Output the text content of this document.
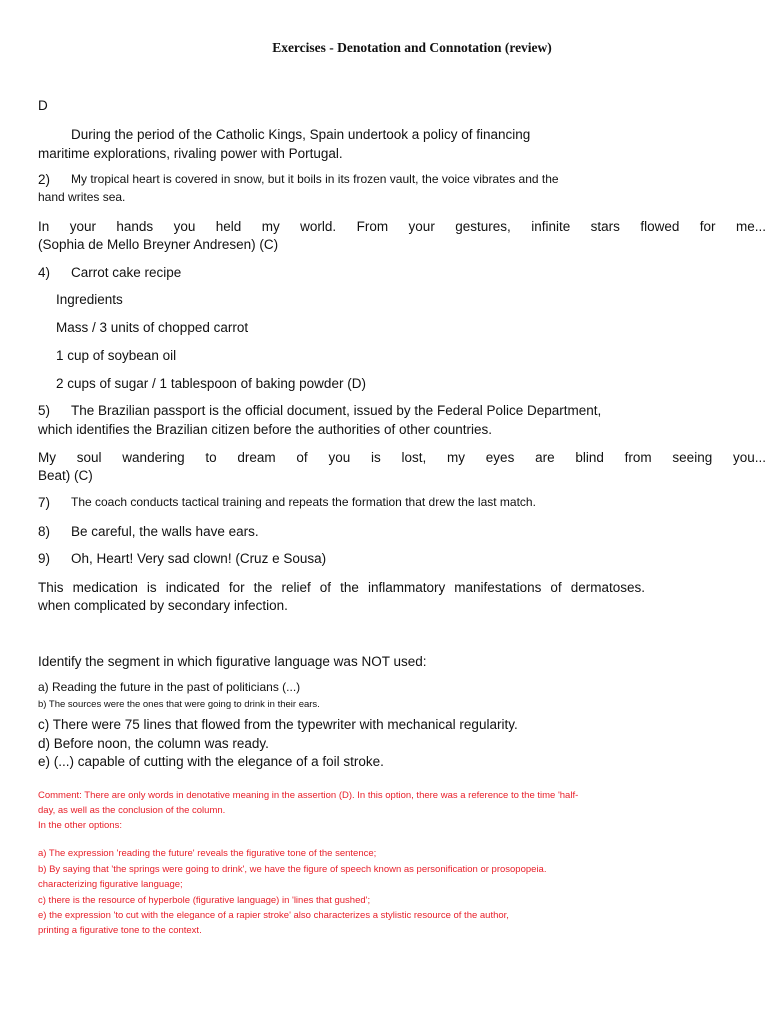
Exercises - Denotation and Connotation (review)
D
During the period of the Catholic Kings, Spain undertook a policy of financing
maritime explorations, rivaling power with Portugal.
2) My tropical heart is covered in snow, but it boils in its frozen vault, the voice vibrates and the
hand writes sea.
In your hands you held my world. From your gestures, infinite stars flowed for me...
(Sophia de Mello Breyner Andresen) (C)
4) Carrot cake recipe
Ingredients
Mass / 3 units of chopped carrot
1 cup of soybean oil
2 cups of sugar / 1 tablespoon of baking powder (D)
5) The Brazilian passport is the official document, issued by the Federal Police Department,
which identifies the Brazilian citizen before the authorities of other countries.
My soul wandering to dream of you is lost, my eyes are blind from seeing you...
Beat) (C)
7) The coach conducts tactical training and repeats the formation that drew the last match.
8) Be careful, the walls have ears.
9) Oh, Heart! Very sad clown! (Cruz e Sousa)
This medication is indicated for the relief of the inflammatory manifestations of dermatoses.
when complicated by secondary infection.
Identify the segment in which figurative language was NOT used:
a) Reading the future in the past of politicians (...)
b) The sources were the ones that were going to drink in their ears.
c) There were 75 lines that flowed from the typewriter with mechanical regularity.
d) Before noon, the column was ready.
e) (...) capable of cutting with the elegance of a foil stroke.
Comment: There are only words in denotative meaning in the assertion (D). In this option, there was a reference to the time 'half-
day, as well as the conclusion of the column.
In the other options:
a) The expression 'reading the future' reveals the figurative tone of the sentence;
b) By saying that 'the springs were going to drink', we have the figure of speech known as personification or prosopopeia.
characterizing figurative language;
c) there is the resource of hyperbole (figurative language) in 'lines that gushed';
e) the expression 'to cut with the elegance of a rapier stroke' also characterizes a stylistic resource of the author,
printing a figurative tone to the context.
